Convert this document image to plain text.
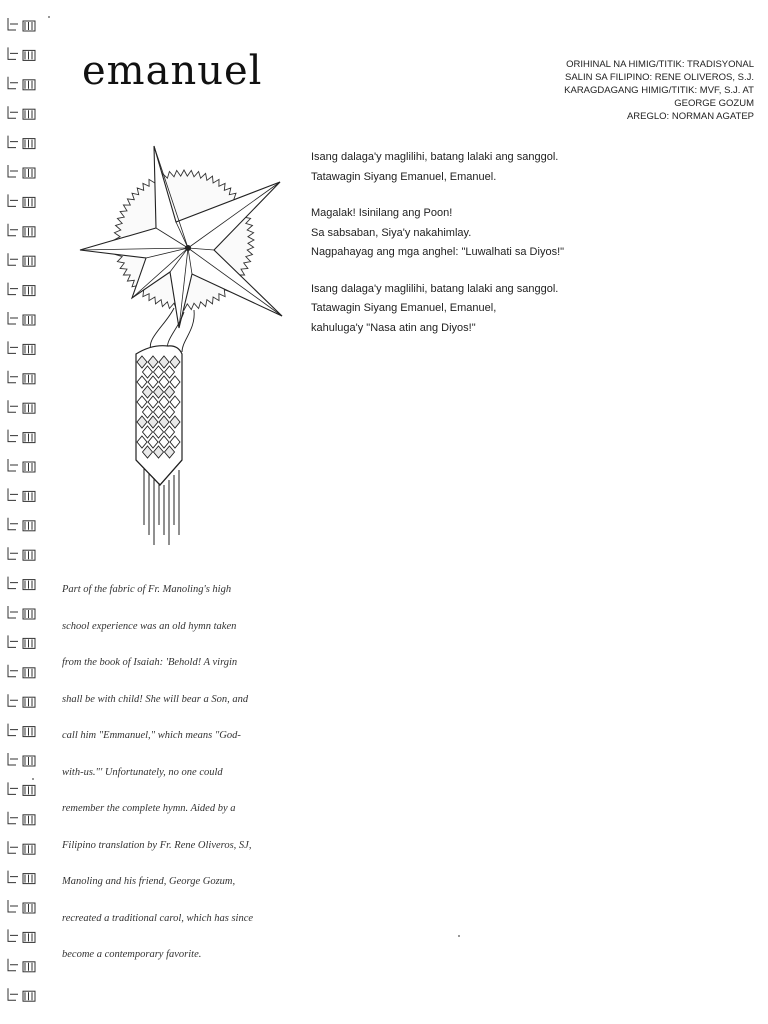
emanuel	ORIHINAL NA HIMIG/TITIK: TRADISYONAL
SALIN SA FILIPINO: RENE OLIVEROS, S.J.
KARAGDAGANG HIMIG/TITIK: MVF, S.J. AT
GEORGE GOZUM
AREGLO: NORMAN AGATEP
Isang dalaga'y maglilihi, batang lalaki ang sanggol.
Tatawagin Siyang Emanuel, Emanuel.
Magalak! Isinilang ang Poon!
Sa sabsaban, Siya'y nakahimlay.
Nagpahayag ang mga anghel: "Luwalhati sa Diyos!"
Isang dalaga'y maglilihi, batang lalaki ang sanggol.
Tatawagin Siyang Emanuel, Emanuel,
kahuluga'y "Nasa atin ang Diyos!"
Part of the fabric of Fr. Manoling's high
school experience was an old hymn taken
from the book of Isaiah: 'Behold! A virgin
shall be with child! She will bear a Son, and
call him "Emmanuel," which means "God-
with-us."' Unfortunately, no one could
remember the complete hymn. Aided by a
Filipino translation by Fr. Rene Oliveros, SJ,
Manoling and his friend, George Gozum,
recreated a traditional carol, which has since
become a contemporary favorite.
